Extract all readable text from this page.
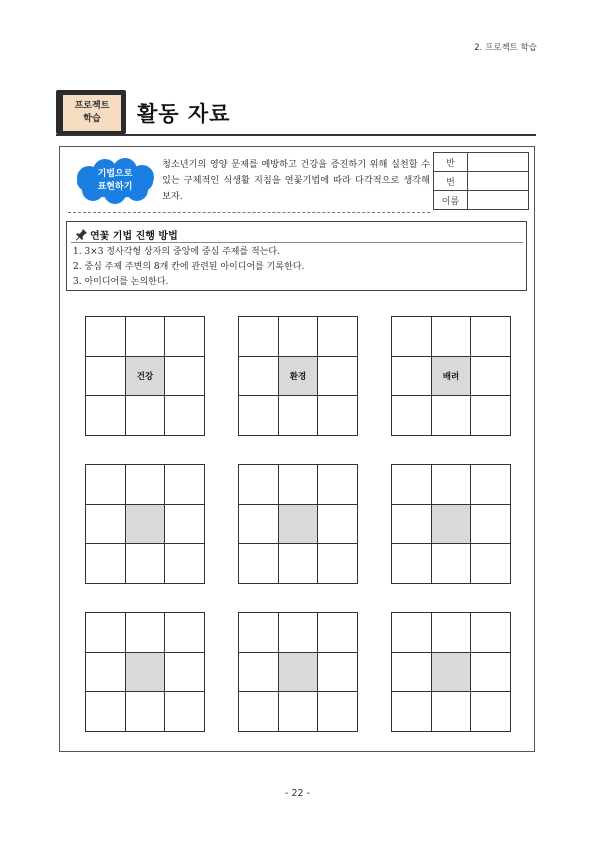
2. 프로젝트 학습
프로젝트
학습 활동 자료
기법으로
표현하기
청소년기의 영양 문제를 예방하고 건강을 증진하기 위해 실천할 수 있는 구체적인 식생활 지침을 연꽃기법에 따라 다각적으로 생각해 보자.
반	
번	
이름	
연꽃 기법 진행 방법
1. 3×3 정사각형 상자의 중앙에 중심 주제를 적는다.
2. 중심 주제 주변의 8개 칸에 관련된 아이디어를 기록한다.
3. 아이디어를 논의한다.
건강	환경	배려
- 22 -
